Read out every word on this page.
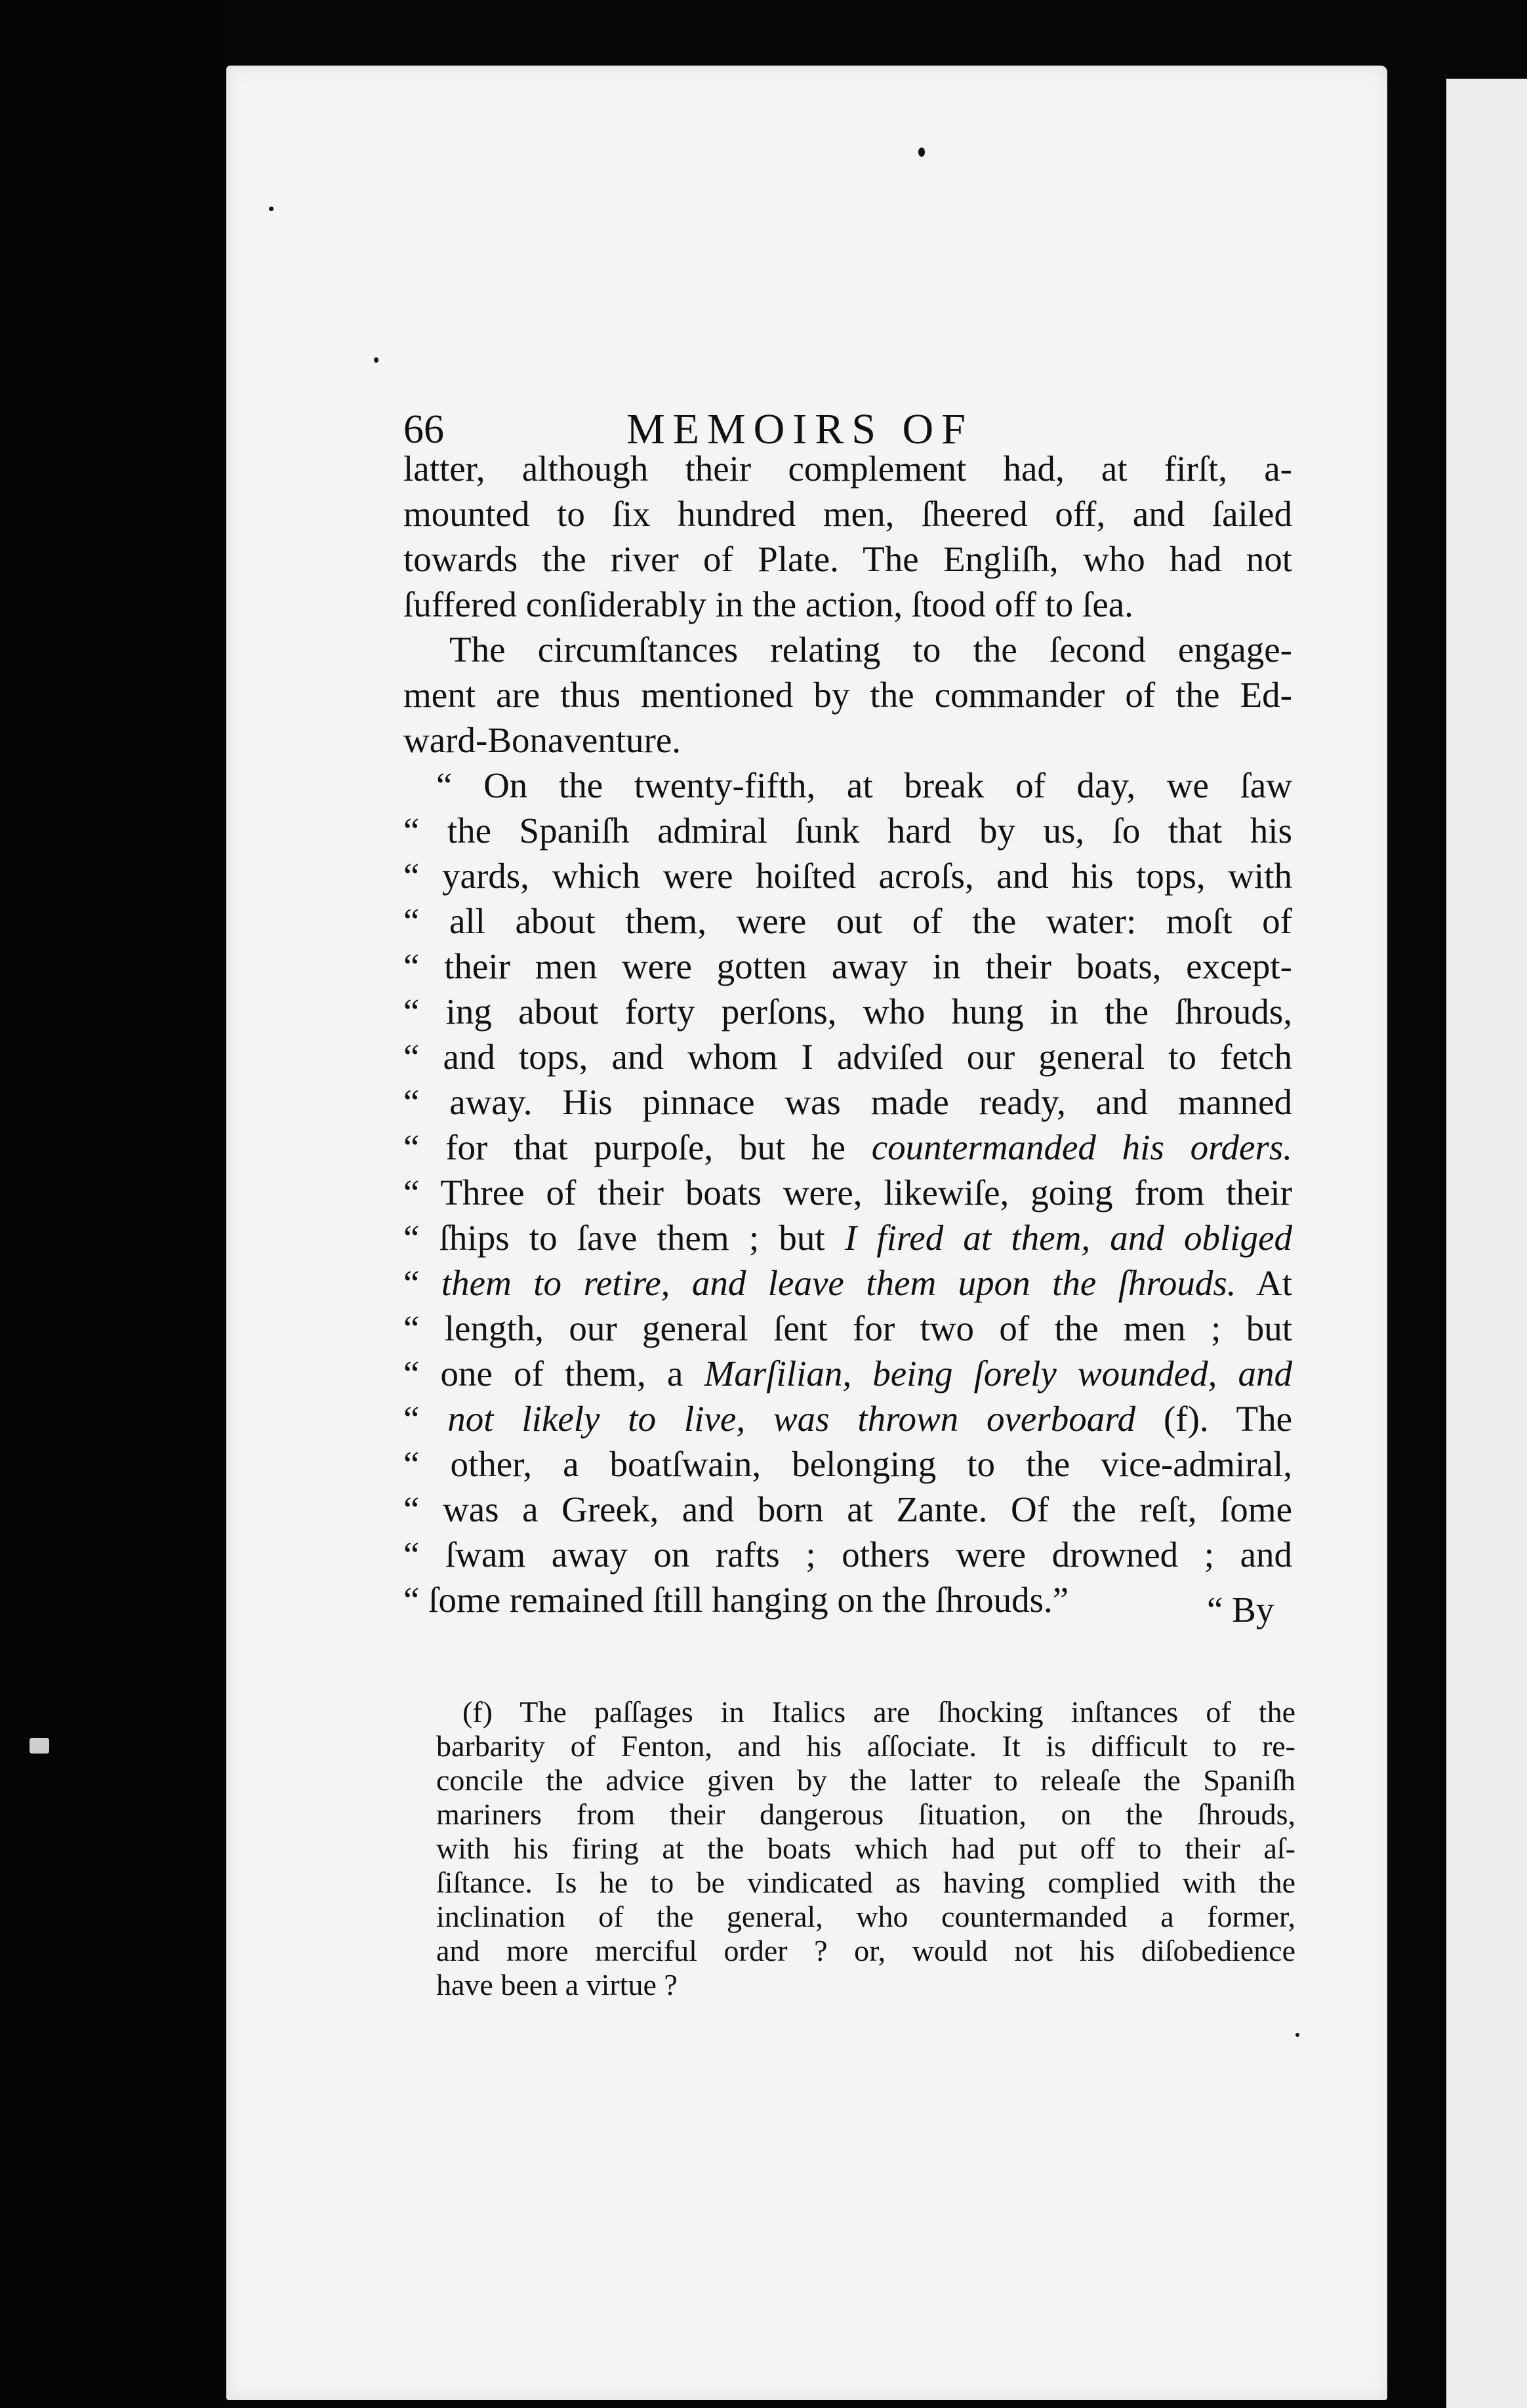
66	MEMOIRS OF
latter, although their complement had, at firſt, a-
mounted to ſix hundred men, ſheered off, and ſailed
towards the river of Plate. The Engliſh, who had not
ſuffered conſiderably in the action, ſtood off to ſea.
The circumſtances relating to the ſecond engage-
ment are thus mentioned by the commander of the Ed-
ward-Bonaventure.
“ On the twenty-fifth, at break of day, we ſaw
“ the Spaniſh admiral ſunk hard by us, ſo that his
“ yards, which were hoiſted acroſs, and his tops, with
“ all about them, were out of the water: moſt of
“ their men were gotten away in their boats, except-
“ ing about forty perſons, who hung in the ſhrouds,
“ and tops, and whom I adviſed our general to fetch
“ away. His pinnace was made ready, and manned
“ for that purpoſe, but he countermanded his orders.
“ Three of their boats were, likewiſe, going from their
“ ſhips to ſave them ; but I fired at them, and obliged
“ them to retire, and leave them upon the ſhrouds. At
“ length, our general ſent for two of the men ; but
“ one of them, a Marſilian, being ſorely wounded, and
“ not likely to live, was thrown overboard (f). The
“ other, a boatſwain, belonging to the vice-admiral,
“ was a Greek, and born at Zante. Of the reſt, ſome
“ ſwam away on rafts ; others were drowned ; and
“ ſome remained ſtill hanging on the ſhrouds.”	“ By
(f) The paſſages in Italics are ſhocking inſtances of the
barbarity of Fenton, and his aſſociate. It is difficult to re-
concile the advice given by the latter to releaſe the Spaniſh
mariners from their dangerous ſituation, on the ſhrouds,
with his firing at the boats which had put off to their aſ-
ſiſtance. Is he to be vindicated as having complied with the
inclination of the general, who countermanded a former,
and more merciful order ? or, would not his diſobedience
have been a virtue ?
